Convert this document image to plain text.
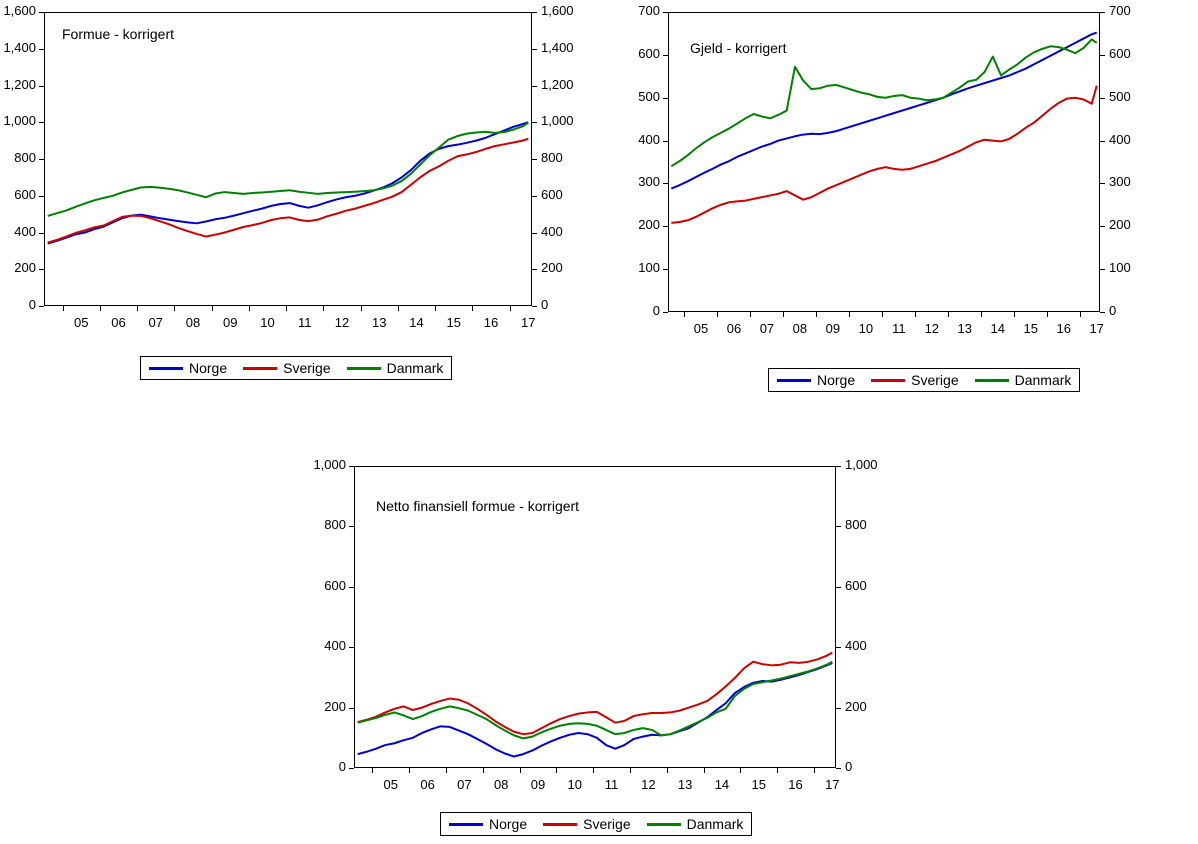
Formue - korrigert
0	0
200	200
400	400
600	600
800	800
1,000	1,000
1,200	1,200
1,400	1,400
1,600	1,600
05	06	07	08	09	10	11	12	13	14	15	16	17
Norge	Sverige	Danmark
Gjeld - korrigert
0	0
100	100
200	200
300	300
400	400
500	500
600	600
700	700
05	06	07	08	09	10	11	12	13	14	15	16	17
Norge	Sverige	Danmark
Netto finansiell formue - korrigert
0	0
200	200
400	400
600	600
800	800
1,000	1,000
05	06	07	08	09	10	11	12	13	14	15	16	17
Norge	Sverige	Danmark
